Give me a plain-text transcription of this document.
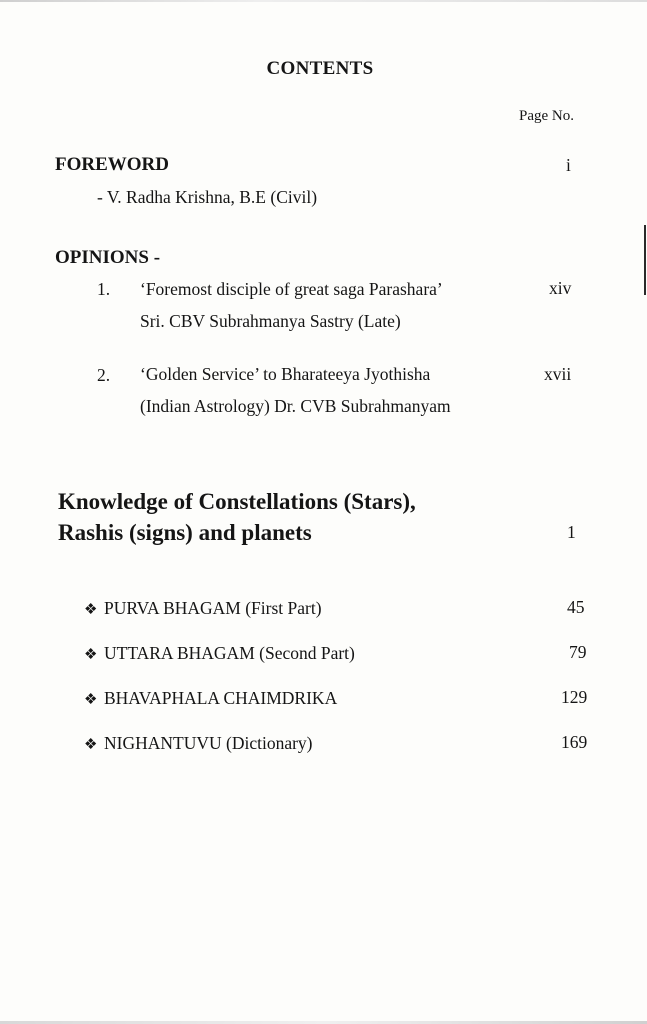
CONTENTS
Page No.
FOREWORD	i
- V. Radha Krishna, B.E (Civil)
OPINIONS -
1. ‘Foremost disciple of great saga Parashara’	xiv
Sri. CBV Subrahmanya Sastry (Late)
2. ‘Golden Service’ to Bharateeya Jyothisha	xvii
(Indian Astrology) Dr. CVB Subrahmanyam
Knowledge of Constellations (Stars),
Rashis (signs) and planets	1
❖ PURVA BHAGAM (First Part)	45
❖ UTTARA BHAGAM (Second Part)	79
❖ BHAVAPHALA CHAIMDRIKA	129
❖ NIGHANTUVU (Dictionary)	169
